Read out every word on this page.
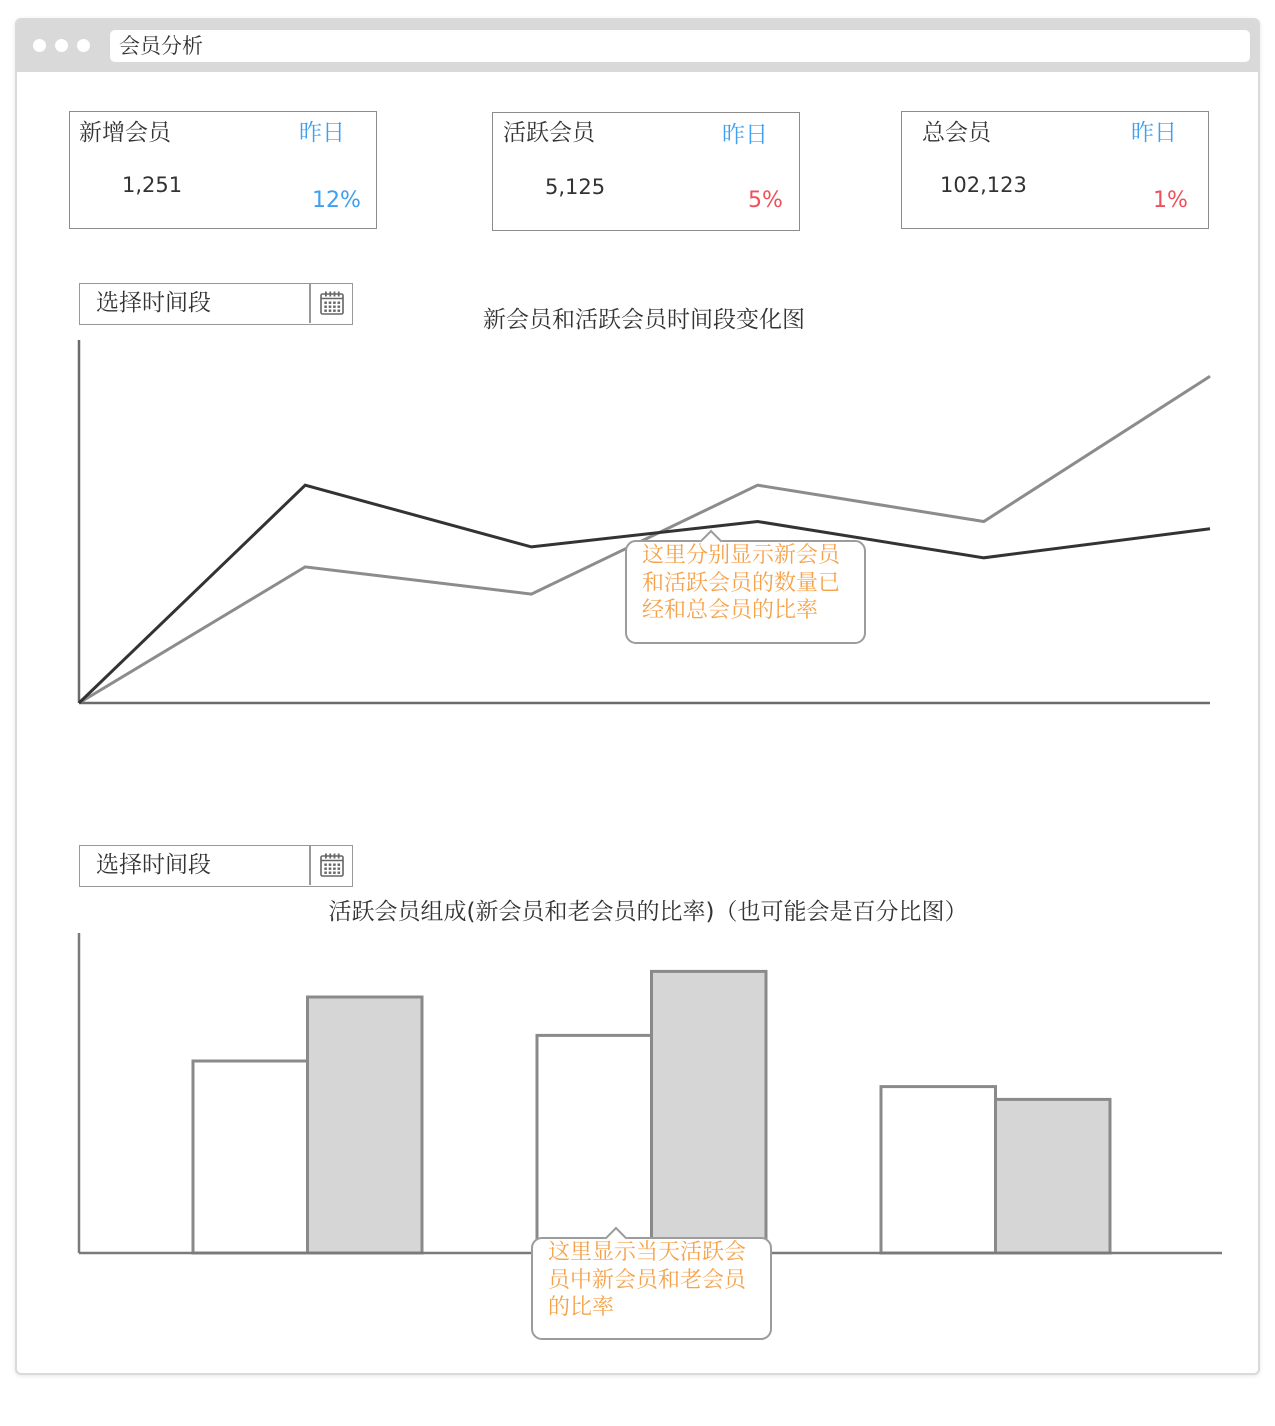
会员分析
新增会员	昨日
1,251
12%
活跃会员	昨日
5,125
5%
总会员	昨日
102,123
1%
选择时间段
新会员和活跃会员时间段变化图
这里分别显示新会员
和活跃会员的数量已
经和总会员的比率
选择时间段
活跃会员组成(新会员和老会员的比率)（也可能会是百分比图）
这里显示当天活跃会
员中新会员和老会员
的比率
